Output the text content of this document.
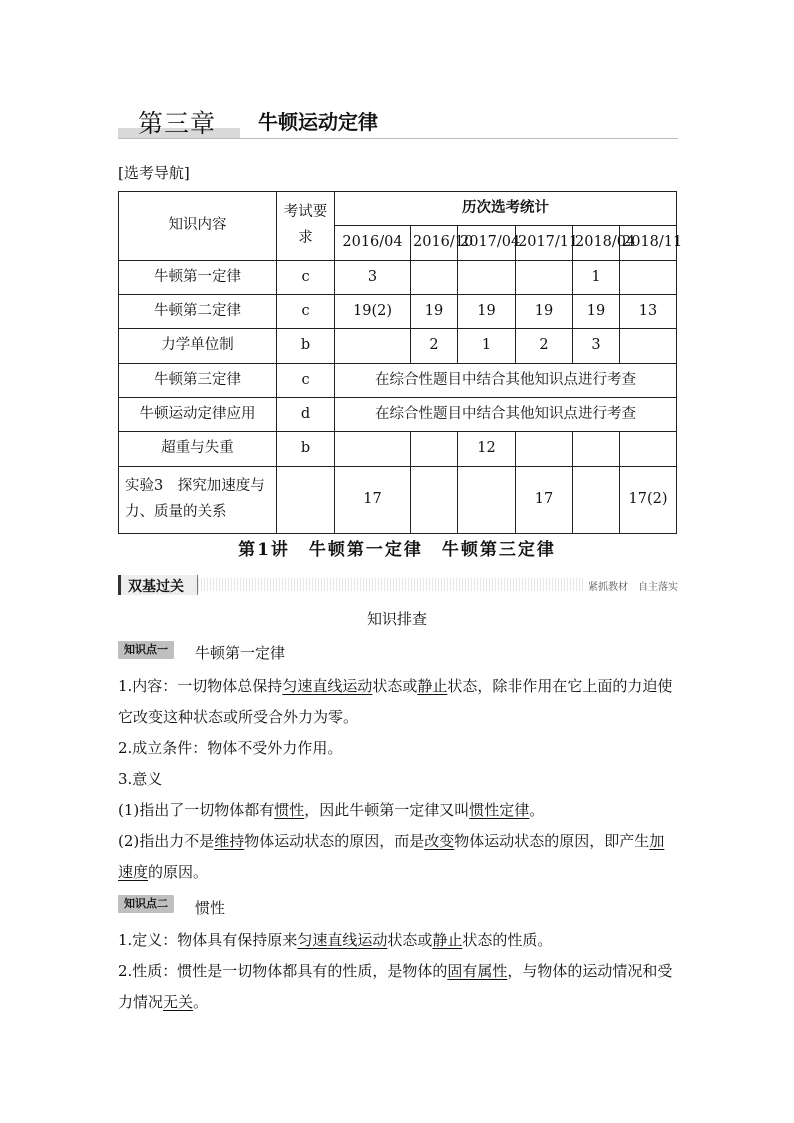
第三章 牛顿运动定律
[选考导航]
知识内容	考试要求	历次选考统计					
		2016/04	2016/10	2017/04	2017/11	2018/04	2018/11
牛顿第一定律	c	3				1	
牛顿第二定律	c	19(2)	19	19	19	19	13
力学单位制	b		2	1	2	3	
牛顿第三定律	c	在综合性题目中结合其他知识点进行考查					
牛顿运动定律应用	d	在综合性题目中结合其他知识点进行考查					
超重与失重	b			12			
实验3　探究加速度与力、质量的关系		17			17		17(2)
第1讲　牛顿第一定律　牛顿第三定律
双基过关	紧抓教材　自主落实
知识排查
知识点一	牛顿第一定律
1.内容：一切物体总保持匀速直线运动状态或静止状态，除非作用在它上面的力迫使它改变这种状态或所受合外力为零。
2.成立条件：物体不受外力作用。
3.意义
(1)指出了一切物体都有惯性，因此牛顿第一定律又叫惯性定律。
(2)指出力不是维持物体运动状态的原因，而是改变物体运动状态的原因，即产生加速度的原因。
知识点二	惯性
1.定义：物体具有保持原来匀速直线运动状态或静止状态的性质。
2.性质：惯性是一切物体都具有的性质，是物体的固有属性，与物体的运动情况和受力情况无关。
